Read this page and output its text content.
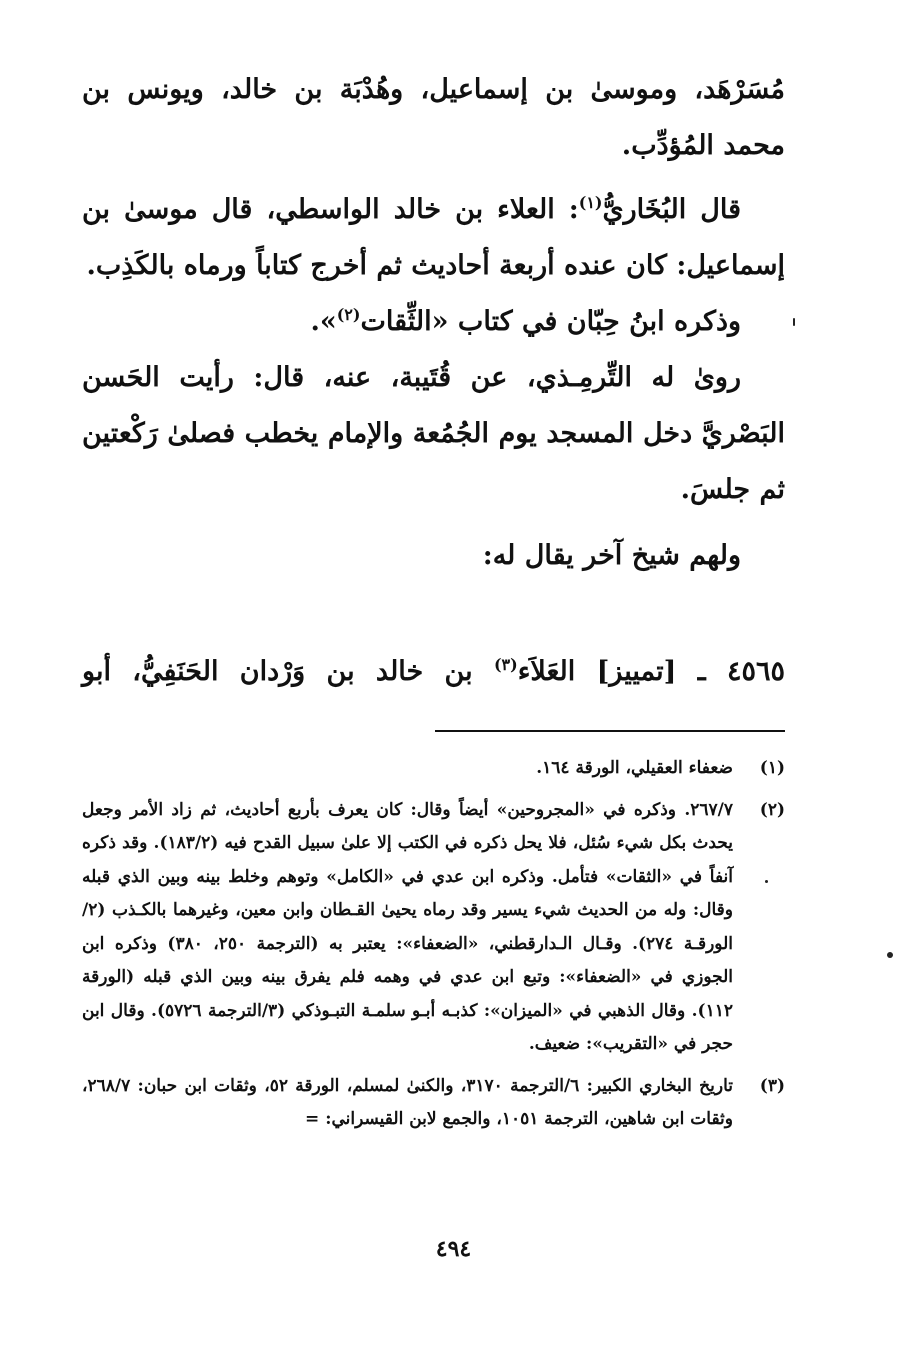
مُسَرْهَد، وموسىٰ بن إسماعيل، وهُدْبَة بن خالد، ويونس بن محمد المُؤدِّب.

قال البُخَاريُّ$^{(١)}$: العلاء بن خالد الواسطي، قال موسىٰ بن إسماعيل: كان عنده أربعة أحاديث ثم أخرج كتاباً ورماه بالكَذِب.

وذكره ابنُ حِبّان في كتاب «الثِّقات$^{(٢)}$».

روىٰ له التِّرمِـذي، عن قُتَيبة، عنه، قال: رأيت الحَسن البَصْريَّ دخل المسجد يوم الجُمُعة والإمام يخطب فصلىٰ رَكْعتين ثم جلسَ.

ولهم شيخ آخر يقال له:

٤٥٦٥ ـ [تمييز] العَلاَء$^{(٣)}$ بن خالد بن وَرْدان الحَنَفِيُّ، أبو

(١)
ضعفاء العقيلي، الورقة ١٦٤.
(٢)
٢٦٧/٧. وذكره في «المجروحين» أيضاً وقال: كان يعرف بأربع أحاديث، ثم زاد الأمر وجعل يحدث بكل شيء سُئل، فلا يحل ذكره في الكتب إلا علىٰ سبيل القدح فيه (١٨٣/٢). وقد ذكره آنفاً في «الثقات» فتأمل. وذكره ابن عدي في «الكامل» وتوهم وخلط بينه وبين الذي قبله وقال: وله من الحديث شيء يسير وقد رماه يحيىٰ القـطان وابن معين، وغيرهما بالكـذب (٢/الورقـة ٢٧٤). وقـال الـدارقطني، «الضعفاء»: يعتبر به (الترجمة ٢٥٠، ٣٨٠) وذكره ابن الجوزي في «الضعفاء»: وتبع ابن عدي في وهمه فلم يفرق بينه وبين الذي قبله (الورقة ١١٢). وقال الذهبي في «الميزان»: كذبـه أبـو سلمـة التبـوذكي (٣/الترجمة ٥٧٢٦). وقال ابن حجر في «التقريب»: ضعيف.
(٣)
تاريخ البخاري الكبير: ٦/الترجمة ٣١٧٠، والكنىٰ لمسلم، الورقة ٥٢، وثقات ابن حبان: ٢٦٨/٧، وثقات ابن شاهين، الترجمة ١٠٥١، والجمع لابن القيسراني: =
٤٩٤
